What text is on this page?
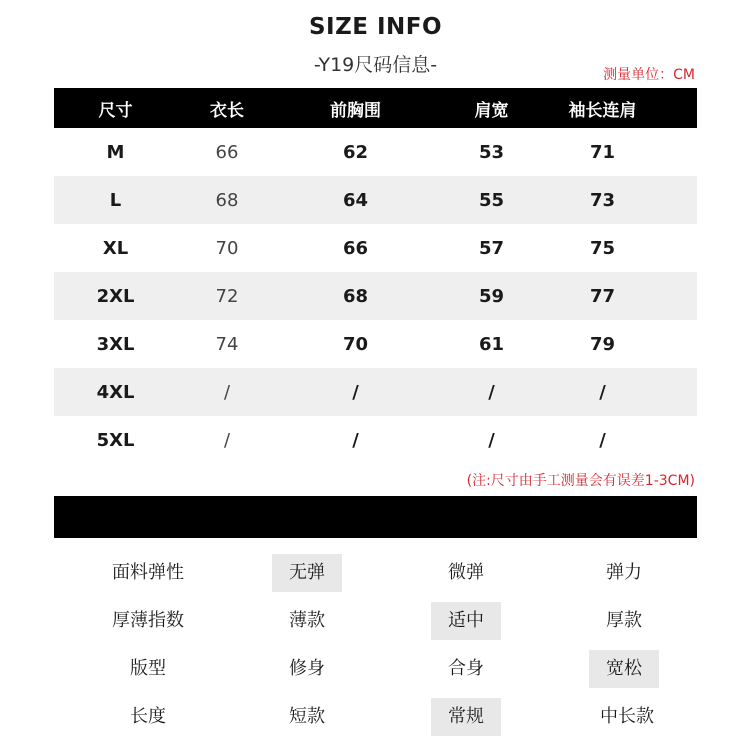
SIZE INFO
-Y19尺码信息-	测量单位：CM
尺寸	衣长	前胸围	肩宽	袖长连肩
M	66	62	53	71
L	68	64	55	73
XL	70	66	57	75
2XL	72	68	59	77
3XL	74	70	61	79
4XL	/	/	/	/
5XL	/	/	/	/
(注:尺寸由手工测量会有误差1-3CM)
面料弹性	无弹	微弹	弹力
厚薄指数	薄款	适中	厚款
版型	修身	合身	宽松
长度	短款	常规	中长款
